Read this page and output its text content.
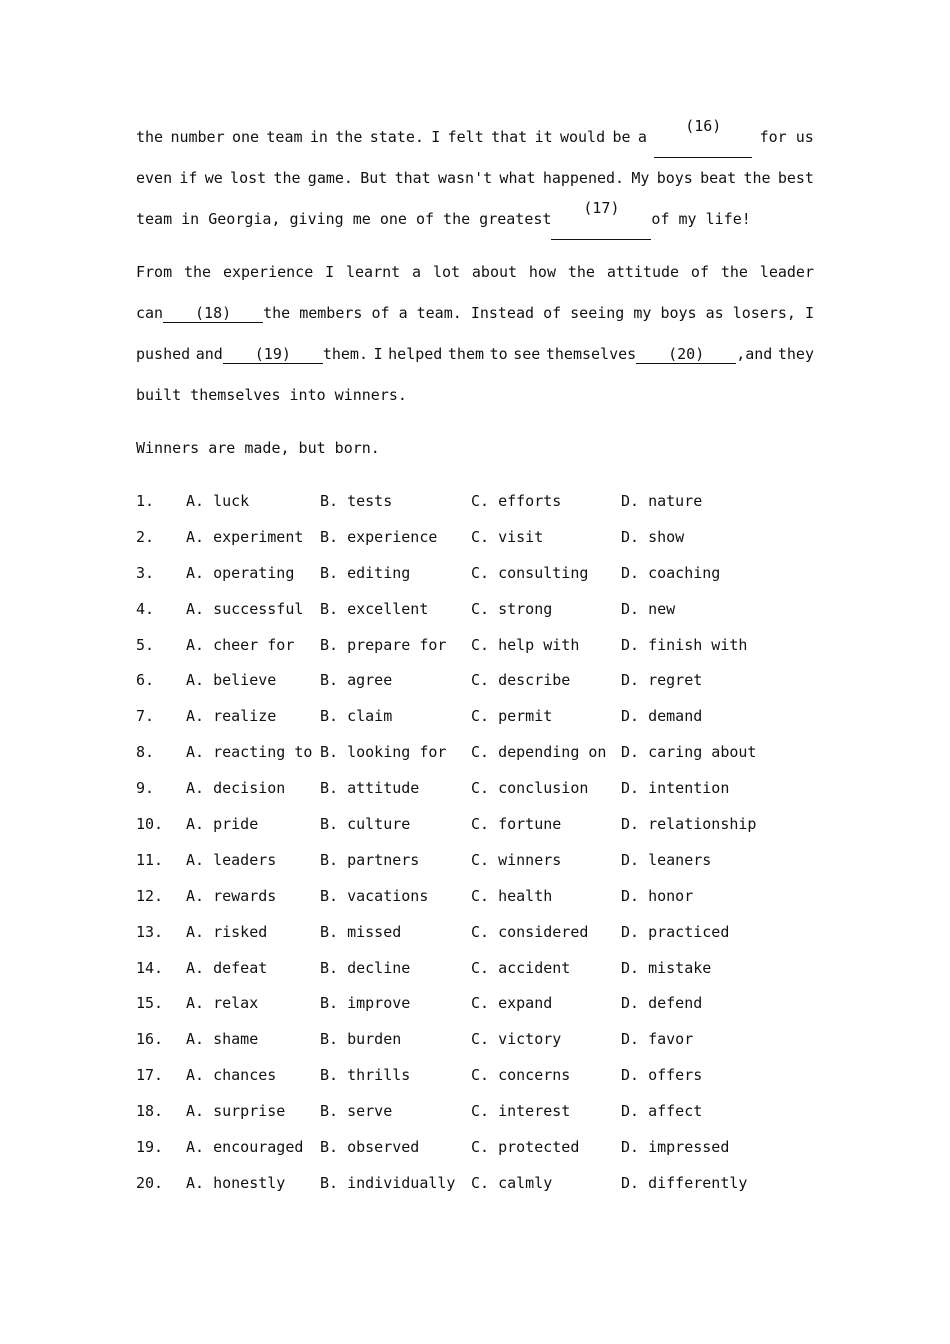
the number one team in the state. I felt that it would be a
(16)
for us
even if we lost the game. But that wasn't what happened. My boys beat the best
team in Georgia, giving me one of the greatest
(17)
of my life!
From the experience I learnt a lot about how the attitude of the leader
can (18) the members of a team. Instead of seeing my boys as losers, I
pushed and (19) them. I helped them to see themselves (20) ,and they
built themselves into winners.
Winners are made, but born.
1. A. luck	B. tests	C. efforts	D. nature
2. A. experiment B. experience C. visit	D. show
3. A. operating B. editing	C. consulting D. coaching
4. A. successful B. excellent	C. strong	D. new
5. A. cheer for B. prepare for C. help with	D. finish with
6. A. believe	B. agree	C. describe	D. regret
7. A. realize	B. claim	C. permit	D. demand
8. A. reacting to B. looking for C. depending on D. caring about
9. A. decision B. attitude	C. conclusion D. intention
10. A. pride	B. culture	C. fortune	D. relationship
11. A. leaders	B. partners	C. winners	D. leaners
12. A. rewards	B. vacations	C. health	D. honor
13. A. risked	B. missed	C. considered D. practiced
14. A. defeat	B. decline	C. accident	D. mistake
15. A. relax	B. improve	C. expand	D. defend
16. A. shame	B. burden	C. victory	D. favor
17. A. chances	B. thrills	C. concerns	D. offers
18. A. surprise B. serve	C. interest	D. affect
19. A. encouraged B. observed	C. protected	D. impressed
20. A. honestly B. individually C. calmly	D. differently
